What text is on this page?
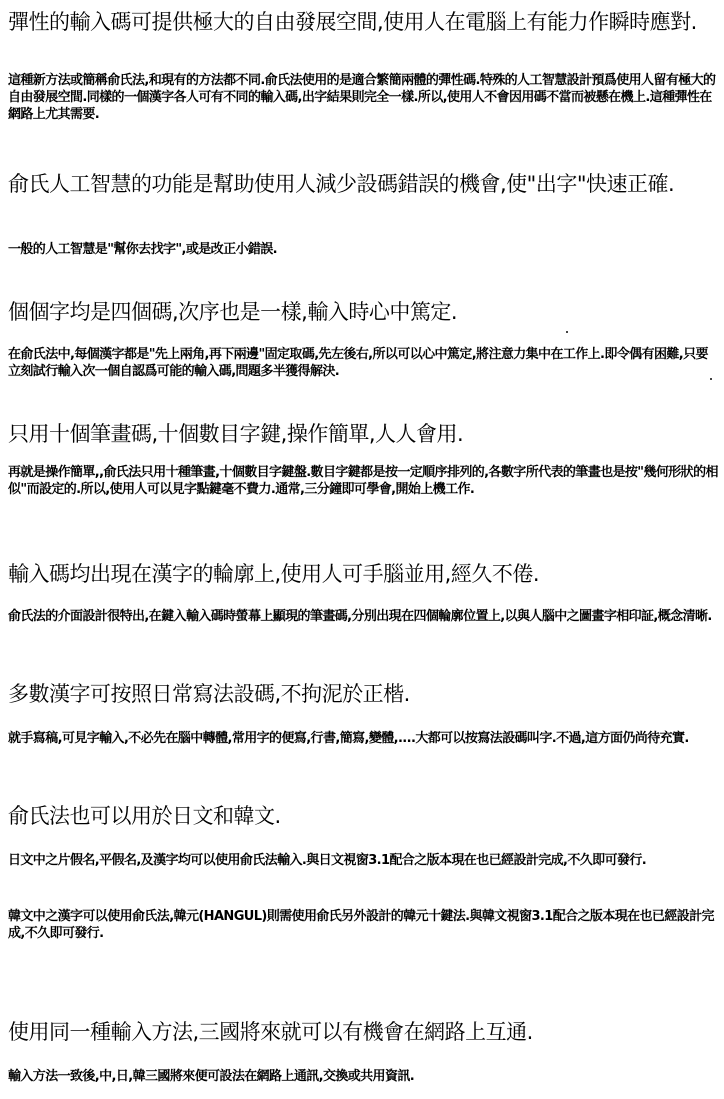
彈性的輸入碼可提供極大的自由發展空間,使用人在電腦上有能力作瞬時應對.

這種新方法或簡稱俞氏法,和現有的方法都不同.俞氏法使用的是適合繁簡兩體的彈性碼.特殊的人工智慧設計預爲使用人留有極大的自由發展空間.同樣的一個漢字各人可有不同的輸入碼,出字結果則完全一樣.所以,使用人不會因用碼不當而被懸在機上.這種彈性在網路上尤其需要.

俞氏人工智慧的功能是幫助使用人減少設碼錯誤的機會,使"出字"快速正確.

一般的人工智慧是"幫你去找字",或是改正小錯誤.

個個字均是四個碼,次序也是一樣,輸入時心中篤定.

在俞氏法中,每個漢字都是"先上兩角,再下兩邊"固定取碼,先左後右,所以可以心中篤定,將注意力集中在工作上.即令偶有困難,只要立刻試行輸入次一個自認爲可能的輸入碼,問題多半獲得解決.

只用十個筆畫碼,十個數目字鍵,操作簡單,人人會用.

再就是操作簡單,,俞氏法只用十種筆畫,十個數目字鍵盤.數目字鍵都是按一定順序排列的,各數字所代表的筆畫也是按"幾何形狀的相似"而設定的.所以,使用人可以見字點鍵毫不費力.通常,三分鐘即可學會,開始上機工作.

輸入碼均出現在漢字的輪廓上,使用人可手腦並用,經久不倦.

俞氏法的介面設計很特出,在鍵入輸入碼時螢幕上顯現的筆畫碼,分別出現在四個輪廓位置上,以與人腦中之圖畫字相印証,概念清晰.

多數漢字可按照日常寫法設碼,不拘泥於正楷.

就手寫稿,可見字輸入,不必先在腦中轉體,常用字的便寫,行書,簡寫,變體,....大都可以按寫法設碼叫字.不過,這方面仍尚待充實.

俞氏法也可以用於日文和韓文.

日文中之片假名,平假名,及漢字均可以使用俞氏法輸入.與日文視窗3.1配合之版本現在也已經設計完成,不久即可發行.

韓文中之漢字可以使用俞氏法,韓元(HANGUL)則需使用俞氏另外設計的韓元十鍵法.與韓文視窗3.1配合之版本現在也已經設計完成,不久即可發行.

使用同一種輸入方法,三國將來就可以有機會在網路上互通.

輸入方法一致後,中,日,韓三國將來便可設法在網路上通訊,交換或共用資訊.
